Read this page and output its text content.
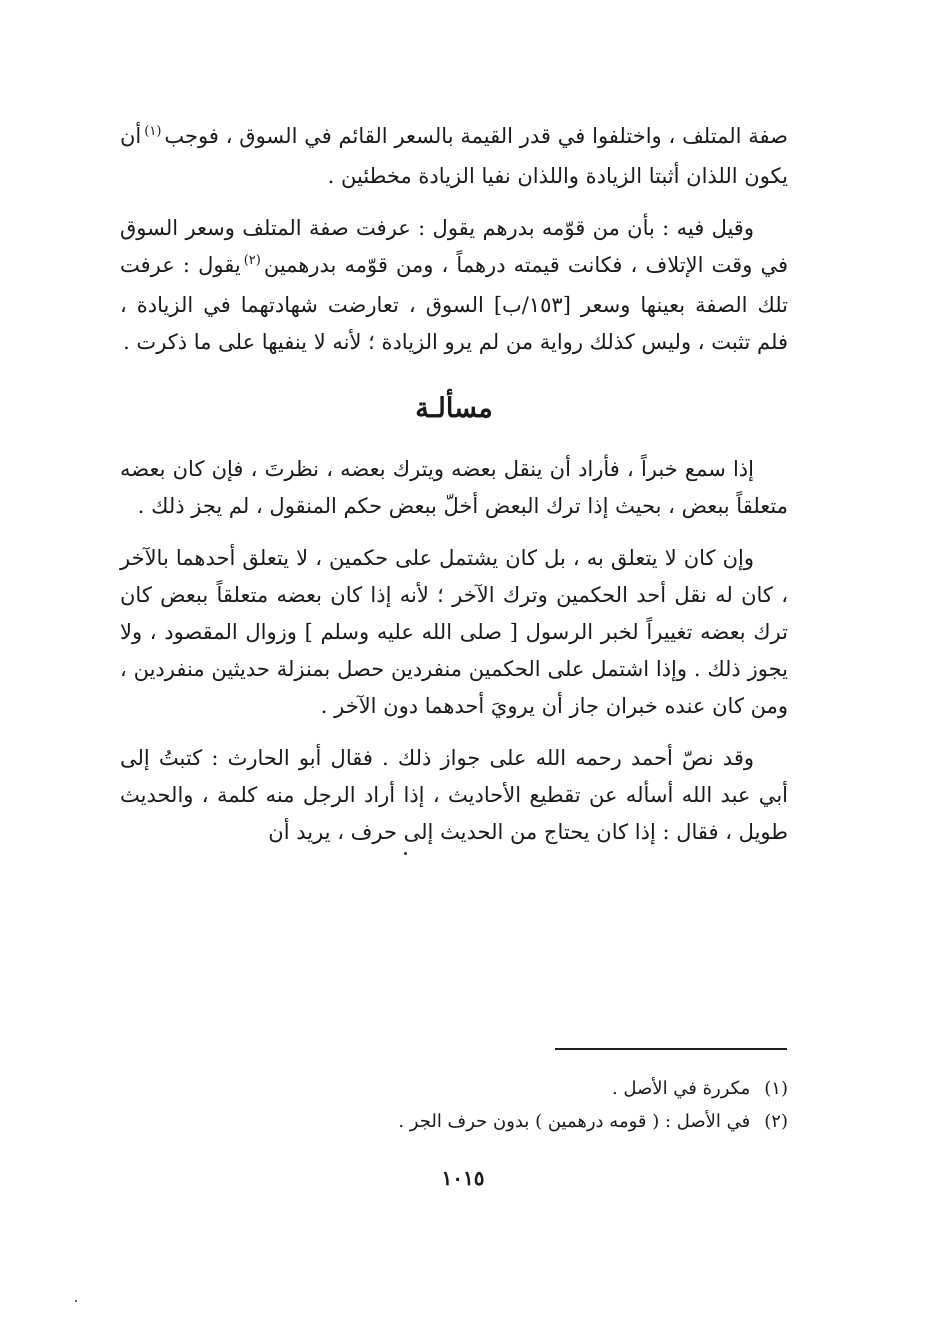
صفة المتلف ، واختلفوا في قدر القيمة بالسعر القائم في السوق ، فوجب$^{(١)}$أن يكون اللذان أثبتا الزيادة واللذان نفيا الزيادة مخطئين .

وقيل فيه : بأن من قوّمه بدرهم يقول : عرفت صفة المتلف وسعر السوق في وقت الإتلاف ، فكانت قيمته درهماً ، ومن قوّمه بدرهمين$^{(٢)}$يقول : عرفت تلك الصفة بعينها وسعر [١٥٣/ب] السوق ، تعارضت شهادتهما في الزيادة ، فلم تثبت ، وليس كذلك رواية من لم يرو الزيادة ؛ لأنه لا ينفيها على ما ذكرت .

مسألـة

إذا سمع خبراً ، فأراد أن ينقل بعضه ويترك بعضه ، نظرتَ ، فإن كان بعضه متعلقاً ببعض ، بحيث إذا ترك البعض أخلّ ببعض حكم المنقول ، لم يجز ذلك .

وإن كان لا يتعلق به ، بل كان يشتمل على حكمين ، لا يتعلق أحدهما بالآخر ، كان له نقل أحد الحكمين وترك الآخر ؛ لأنه إذا كان بعضه متعلقاً ببعض كان ترك بعضه تغييراً لخبر الرسول [ صلى الله عليه وسلم ] وزوال المقصود ، ولا يجوز ذلك . وإذا اشتمل على الحكمين منفردين حصل بمنزلة حديثين منفردين ، ومن كان عنده خبران جاز أن يرويَ أحدهما دون الآخر .

وقد نصّ أحمد رحمه الله على جواز ذلك . فقال أبو الحارث : كتبتُ إلى أبي عبد الله أسأله عن تقطيع الأحاديث ، إذا أراد الرجل منه كلمة ، والحديث طويل ، فقال : إذا كان يحتاج من الحديث إلى حرف ، يريد أن

(١)مكررة في الأصل .
(٢)في الأصل : ( قومه درهمين ) بدون حرف الجر .
١٠١٥
